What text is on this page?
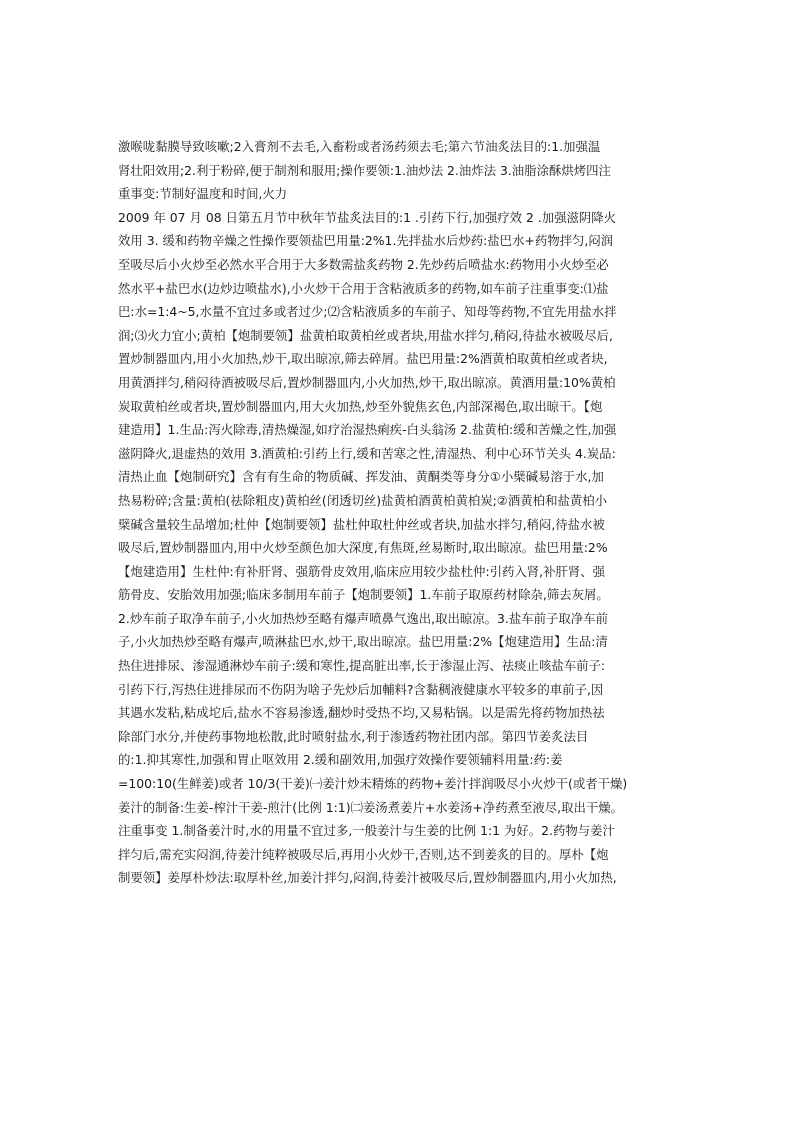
激喉咙黏膜导致咳嗽;2入膏剂不去毛,入畜粉或者汤药须去毛;第六节油炙法目的:1.加强温
肾壮阳效用;2.利于粉碎,便于制剂和服用;操作要领:1.油炒法 2.油炸法 3.油脂涂酥烘烤四注
重事变:节制好温度和时间,火力
2009 年 07 月 08 日第五月节中秋年节盐炙法目的:1 .引药下行,加强疗效 2 .加强滋阴降火
效用 3. 缓和药物辛燥之性操作要领盐巴用量:2%1.先拌盐水后炒药:盐巴水+药物拌匀,闷润
至吸尽后小火炒至必然水平合用于大多数需盐炙药物 2.先炒药后喷盐水:药物用小火炒至必
然水平+盐巴水(边炒边喷盐水),小火炒干合用于含粘液质多的药物,如车前子注重事变:⑴盐
巴:水=1:4~5,水量不宜过多或者过少;⑵含粘液质多的车前子、知母等药物,不宜先用盐水拌
润;⑶火力宜小;黄柏【炮制要领】盐黄柏取黄柏丝或者块,用盐水拌匀,稍闷,待盐水被吸尽后,
置炒制器皿内,用小火加热,炒干,取出晾凉,筛去碎屑。盐巴用量:2%酒黄柏取黄柏丝或者块,
用黄酒拌匀,稍闷待酒被吸尽后,置炒制器皿内,小火加热,炒干,取出晾凉。黄酒用量:10%黄柏
炭取黄柏丝或者块,置炒制器皿内,用大火加热,炒至外貌焦玄色,内部深褐色,取出晾干。【炮
建造用】1.生品:泻火除毒,清热燥湿,如疗治湿热痢疾-白头翁汤 2.盐黄柏:缓和苦燥之性,加强
滋阴降火,退虚热的效用 3.酒黄柏:引药上行,缓和苦寒之性,清湿热、利中心环节关头 4.炭品:
清热止血【炮制研究】含有有生命的物质碱、挥发油、黄酮类等身分①小檗碱易溶于水,加
热易粉碎;含量:黄柏(祛除粗皮)黄柏丝(闭透切丝)盐黄柏酒黄柏黄柏炭;②酒黄柏和盐黄柏小
檗碱含量较生品增加;杜仲【炮制要领】盐杜仲取杜仲丝或者块,加盐水拌匀,稍闷,待盐水被
吸尽后,置炒制器皿内,用中火炒至颜色加大深度,有焦斑,丝易断时,取出晾凉。盐巴用量:2%
【炮建造用】生杜仲:有补肝肾、强筋骨皮效用,临床应用较少盐杜仲:引药入肾,补肝肾、强
筋骨皮、安胎效用加强;临床多制用车前子【炮制要领】1.车前子取原药材除杂,筛去灰屑。
2.炒车前子取净车前子,小火加热炒至略有爆声喷鼻气逸出,取出晾凉。3.盐车前子取净车前
子,小火加热炒至略有爆声,喷淋盐巴水,炒干,取出晾凉。盐巴用量:2%【炮建造用】生品:清
热住进排尿、渗湿通淋炒车前子:缓和寒性,提高脏出率,长于渗湿止泻、祛痰止咳盐车前子:
引药下行,泻热住进排尿而不伤阴为啥子先炒后加輔料?含黏稠液健康水平较多的車前子,因
其遇水发粘,粘成坨后,盐水不容易渗透,翻炒时受热不均,又易粘锅。以是需先将药物加热祛
除部门水分,并使药事物地松散,此时喷射盐水,利于渗透药物社团内部。第四节姜炙法目
的:1.抑其寒性,加强和胃止呕效用 2.缓和副效用,加强疗效操作要领辅料用量:药:姜
=100:10(生鲜姜)或者 10/3(干姜)㈠姜汁炒未精炼的药物+姜汁拌润吸尽小火炒干(或者干燥)
姜汁的制备:生姜-榨汁干姜-煎汁(比例 1:1)㈡姜汤煮姜片+水姜汤+净药煮至液尽,取出干燥。
注重事变 1.制备姜汁时,水的用量不宜过多,一般姜汁与生姜的比例 1:1 为好。2.药物与姜汁
拌匀后,需充实闷润,待姜汁纯粹被吸尽后,再用小火炒干,否则,达不到姜炙的目的。厚朴【炮
制要领】姜厚朴炒法:取厚朴丝,加姜汁拌匀,闷润,待姜汁被吸尽后,置炒制器皿内,用小火加热,
